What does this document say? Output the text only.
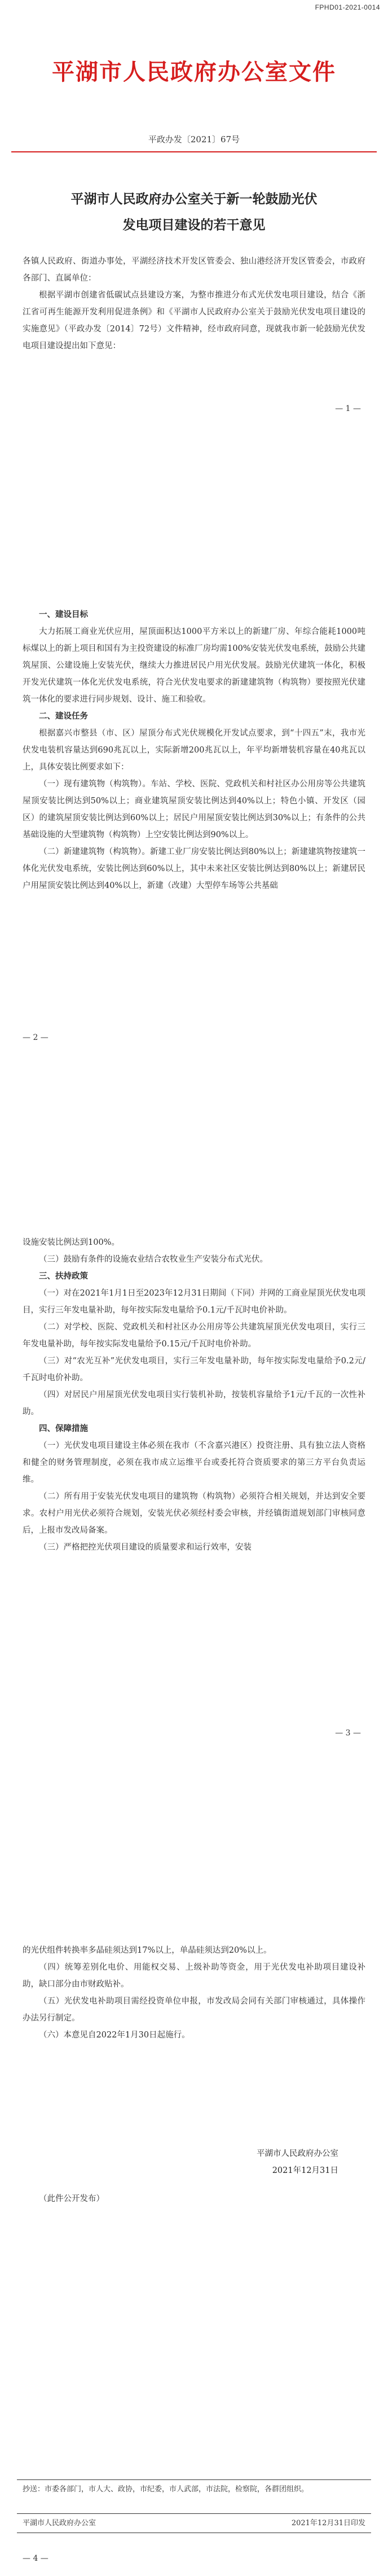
FPHD01-2021-0014
平湖市人民政府办公室文件
平政办发〔2021〕67号
平湖市人民政府办公室关于新一轮鼓励光伏
发电项目建设的若干意见

各镇人民政府、街道办事处，平湖经济技术开发区管委会、独山港经济开发区管委会，市政府各部门、直属单位：

根据平湖市创建省低碳试点县建设方案，为整市推进分布式光伏发电项目建设，结合《浙江省可再生能源开发利用促进条例》和《平湖市人民政府办公室关于鼓励光伏发电项目建设的实施意见》（平政办发〔2014〕72号）文件精神，经市政府同意，现就我市新一轮鼓励光伏发电项目建设提出如下意见：

— 1 —

一、建设目标

大力拓展工商业光伏应用，屋顶面积达1000平方米以上的新建厂房、年综合能耗1000吨标煤以上的新上项目和国有为主投资建设的标准厂房均需100%安装光伏发电系统，鼓励公共建筑屋顶、公建设施上安装光伏，继续大力推进居民户用光伏发展。鼓励光伏建筑一体化，积极开发光伏建筑一体化光伏发电系统，符合光伏发电要求的新建建筑物（构筑物）要按照光伏建筑一体化的要求进行同步规划、设计、施工和验收。

二、建设任务

根据嘉兴市整县（市、区）屋顶分布式光伏规模化开发试点要求，到“十四五”末，我市光伏发电装机容量达到690兆瓦以上，实际新增200兆瓦以上，年平均新增装机容量在40兆瓦以上，具体安装比例要求如下：

（一）现有建筑物（构筑物）。车站、学校、医院、党政机关和村社区办公用房等公共建筑屋顶安装比例达到50%以上；商业建筑屋顶安装比例达到40%以上；特色小镇、开发区（园区）的建筑屋顶安装比例达到60%以上；居民户用屋顶安装比例达到30%以上；有条件的公共基础设施的大型建筑物（构筑物）上空安装比例达到90%以上。

（二）新建建筑物（构筑物）。新建工业厂房安装比例达到80%以上；新建建筑物按建筑一体化光伏发电系统，安装比例达到60%以上，其中未来社区安装比例达到80%以上；新建居民户用屋顶安装比例达到40%以上，新建（改建）大型停车场等公共基础

— 2 —

设施安装比例达到100%。

（三）鼓励有条件的设施农业结合农牧业生产安装分布式光伏。

三、扶持政策

（一）对在2021年1月1日至2023年12月31日期间（下同）并网的工商业屋顶光伏发电项目，实行三年发电量补助，每年按实际发电量给予0.1元/千瓦时电价补助。

（二）对学校、医院、党政机关和村社区办公用房等公共建筑屋顶光伏发电项目，实行三年发电量补助，每年按实际发电量给予0.15元/千瓦时电价补助。

（三）对“农光互补”光伏发电项目，实行三年发电量补助，每年按实际发电量给予0.2元/千瓦时电价补助。

（四）对居民户用屋顶光伏发电项目实行装机补助，按装机容量给予1元/千瓦的一次性补助。

四、保障措施

（一）光伏发电项目建设主体必须在我市（不含嘉兴港区）投资注册、具有独立法人资格和健全的财务管理制度，必须在我市成立运维平台或委托符合资质要求的第三方平台负责运维。

（二）所有用于安装光伏发电项目的建筑物（构筑物）必须符合相关规划，并达到安全要求。农村户用光伏必须符合规划，安装光伏必须经村委会审核，并经镇街道规划部门审核同意后，上报市发改局备案。

（三）严格把控光伏项目建设的质量要求和运行效率，安装

— 3 —

的光伏组件转换率多晶硅须达到17%以上，单晶硅须达到20%以上。

（四）统筹差别化电价、用能权交易、上级补助等资金，用于光伏发电补助项目建设补助，缺口部分由市财政贴补。

（五）光伏发电补助项目需经投资单位申报，市发改局会同有关部门审核通过，具体操作办法另行制定。

（六）本意见自2022年1月30日起施行。

平湖市人民政府办公室
2021年12月31日

（此件公开发布）

抄送：市委各部门，市人大、政协，市纪委，市人武部，市法院，检察院，各群团组织。
平湖市人民政府办公室	2021年12月31日印发
— 4 —
